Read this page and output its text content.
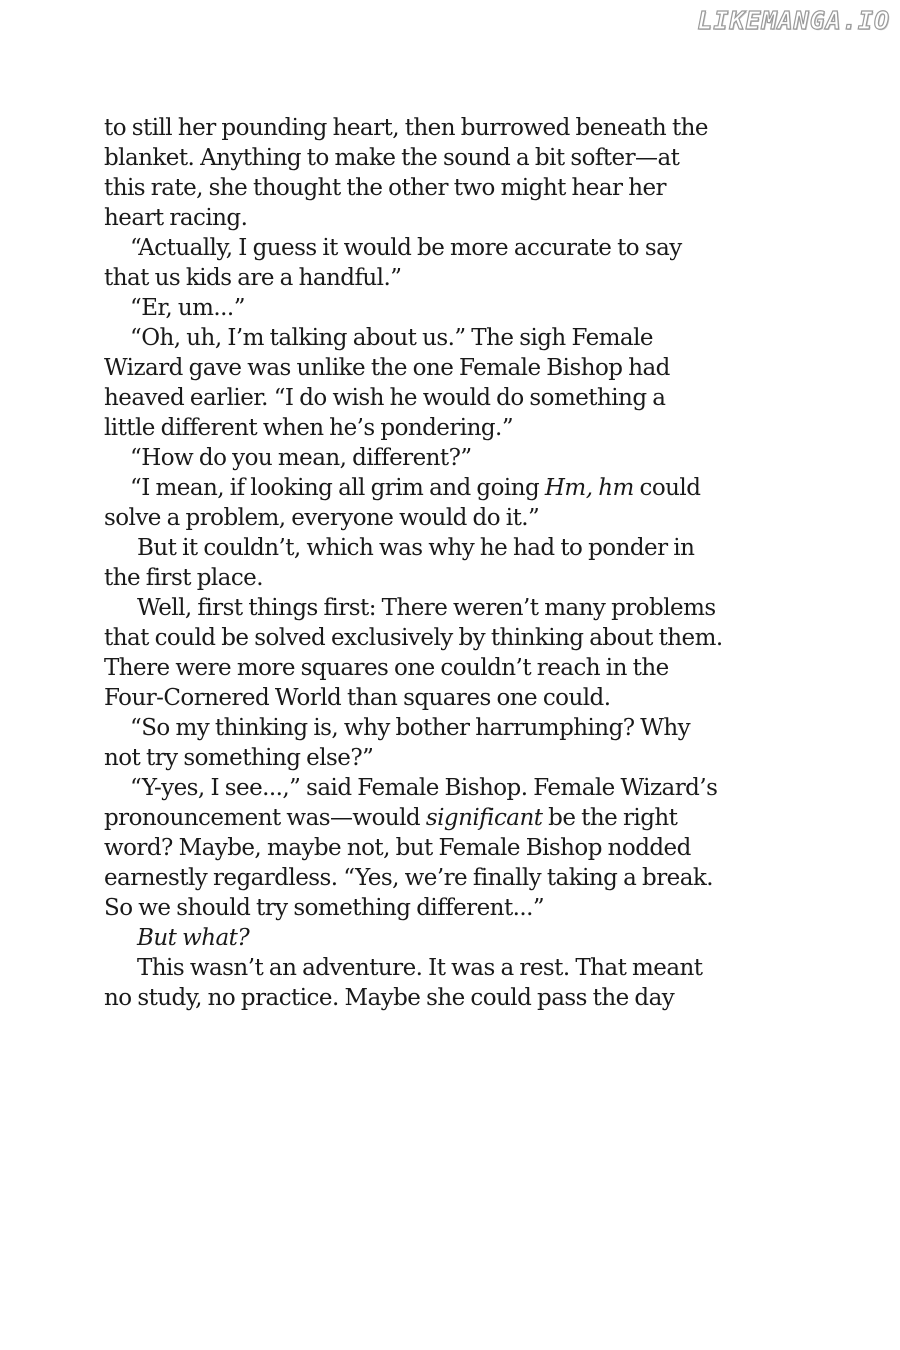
LIKEMANGA.IO
to still her pounding heart, then burrowed beneath the
blanket. Anything to make the sound a bit softer—at
this rate, she thought the other two might hear her
heart racing.
“Actually, I guess it would be more accurate to say
that us kids are a handful.”
“Er, um...”
“Oh, uh, I’m talking about us.” The sigh Female
Wizard gave was unlike the one Female Bishop had
heaved earlier. “I do wish he would do something a
little different when he’s pondering.”
“How do you mean, different?”
“I mean, if looking all grim and going Hm, hm could
solve a problem, everyone would do it.”
But it couldn’t, which was why he had to ponder in
the first place.
Well, first things first: There weren’t many problems
that could be solved exclusively by thinking about them.
There were more squares one couldn’t reach in the
Four-Cornered World than squares one could.
“So my thinking is, why bother harrumphing? Why
not try something else?”
“Y-yes, I see...,” said Female Bishop. Female Wizard’s
pronouncement was—would significant be the right
word? Maybe, maybe not, but Female Bishop nodded
earnestly regardless. “Yes, we’re finally taking a break.
So we should try something different...”
But what?
This wasn’t an adventure. It was a rest. That meant
no study, no practice. Maybe she could pass the day
